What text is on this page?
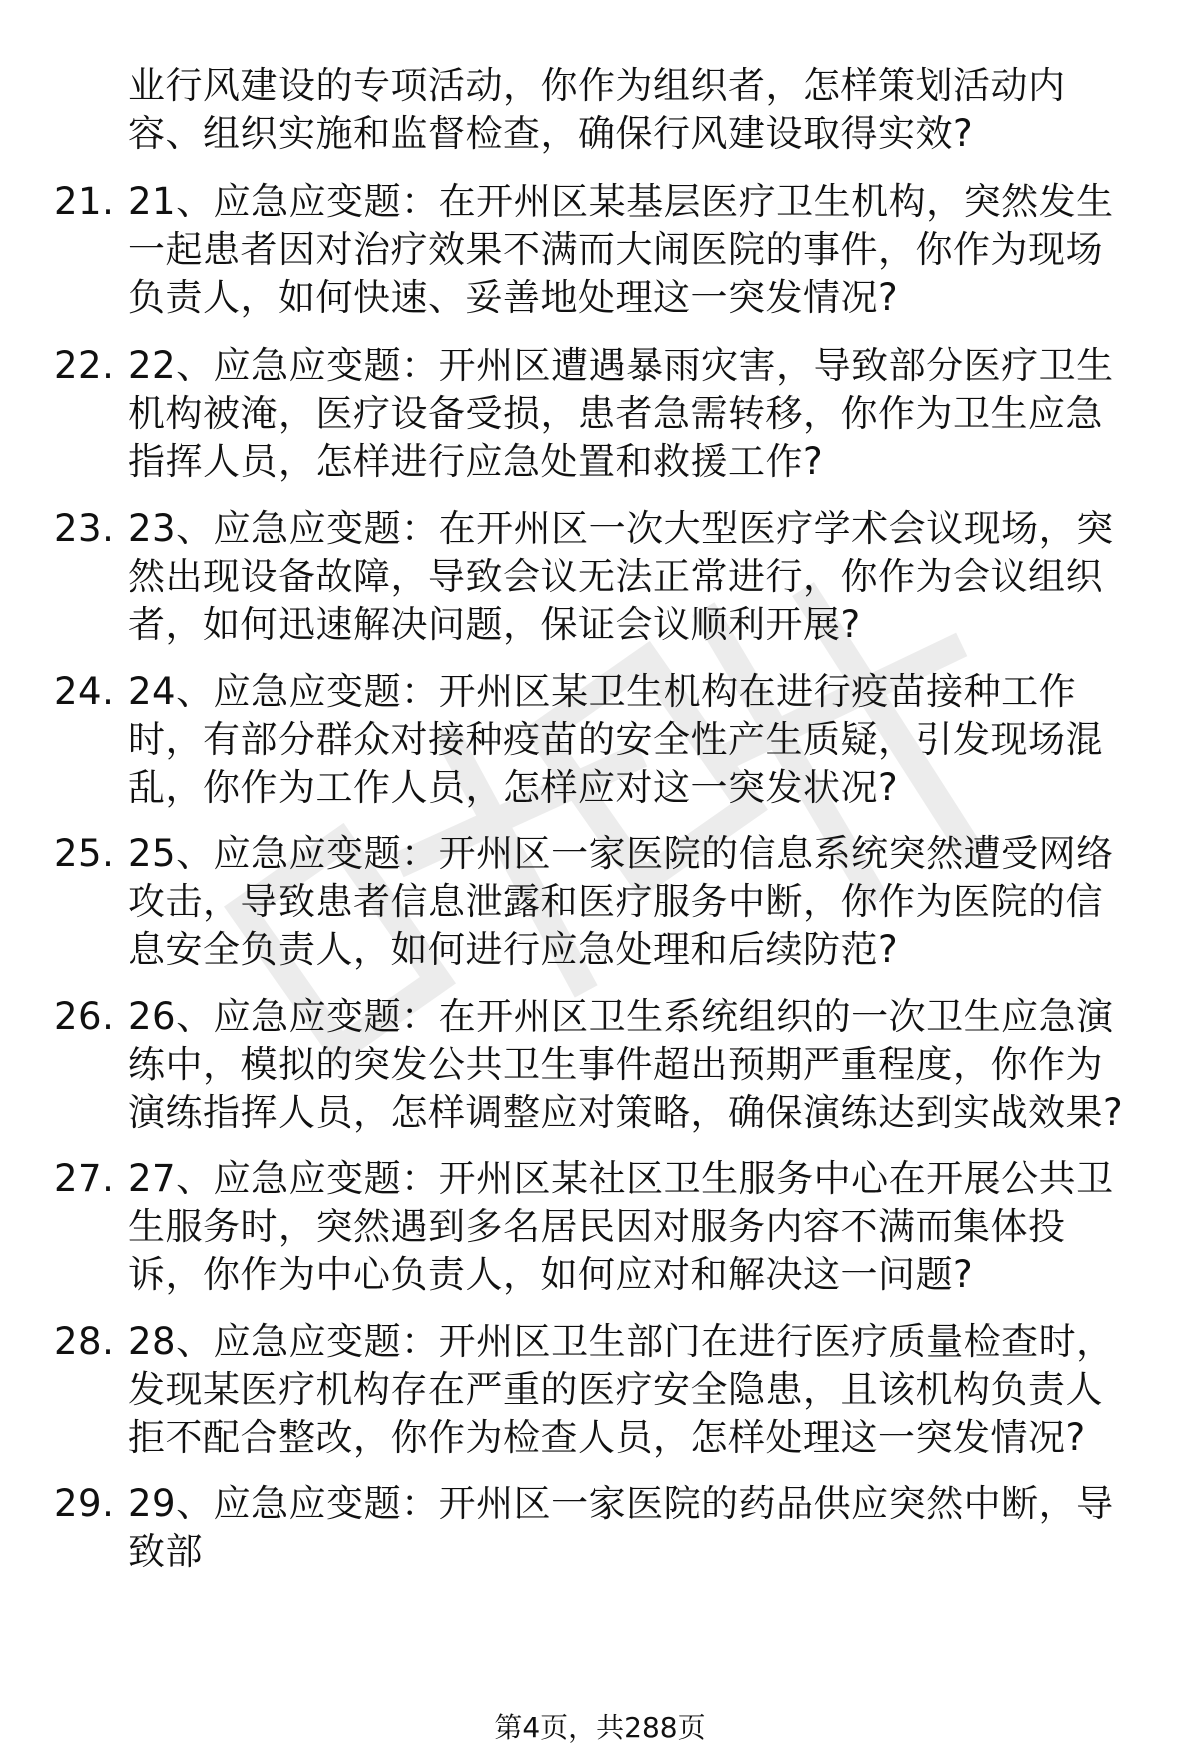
业行风建设的专项活动，你作为组织者，怎样策划活动内容、组织实施和监督检查，确保行风建设取得实效?
21. 21、应急应变题：在开州区某基层医疗卫生机构，突然发生一起患者因对治疗效果不满而大闹医院的事件，你作为现场负责人，如何快速、妥善地处理这一突发情况?
22. 22、应急应变题：开州区遭遇暴雨灾害，导致部分医疗卫生机构被淹，医疗设备受损，患者急需转移，你作为卫生应急指挥人员，怎样进行应急处置和救援工作?
23. 23、应急应变题：在开州区一次大型医疗学术会议现场，突然出现设备故障，导致会议无法正常进行，你作为会议组织者，如何迅速解决问题，保证会议顺利开展?
24. 24、应急应变题：开州区某卫生机构在进行疫苗接种工作时，有部分群众对接种疫苗的安全性产生质疑，引发现场混乱，你作为工作人员，怎样应对这一突发状况?
25. 25、应急应变题：开州区一家医院的信息系统突然遭受网络攻击，导致患者信息泄露和医疗服务中断，你作为医院的信息安全负责人，如何进行应急处理和后续防范?
26. 26、应急应变题：在开州区卫生系统组织的一次卫生应急演练中，模拟的突发公共卫生事件超出预期严重程度，你作为演练指挥人员，怎样调整应对策略，确保演练达到实战效果?
27. 27、应急应变题：开州区某社区卫生服务中心在开展公共卫生服务时，突然遇到多名居民因对服务内容不满而集体投诉，你作为中心负责人，如何应对和解决这一问题?
28. 28、应急应变题：开州区卫生部门在进行医疗质量检查时，发现某医疗机构存在严重的医疗安全隐患，且该机构负责人拒不配合整改，你作为检查人员，怎样处理这一突发情况?
29. 29、应急应变题：开州区一家医院的药品供应突然中断，导致部
第4页，共288页
